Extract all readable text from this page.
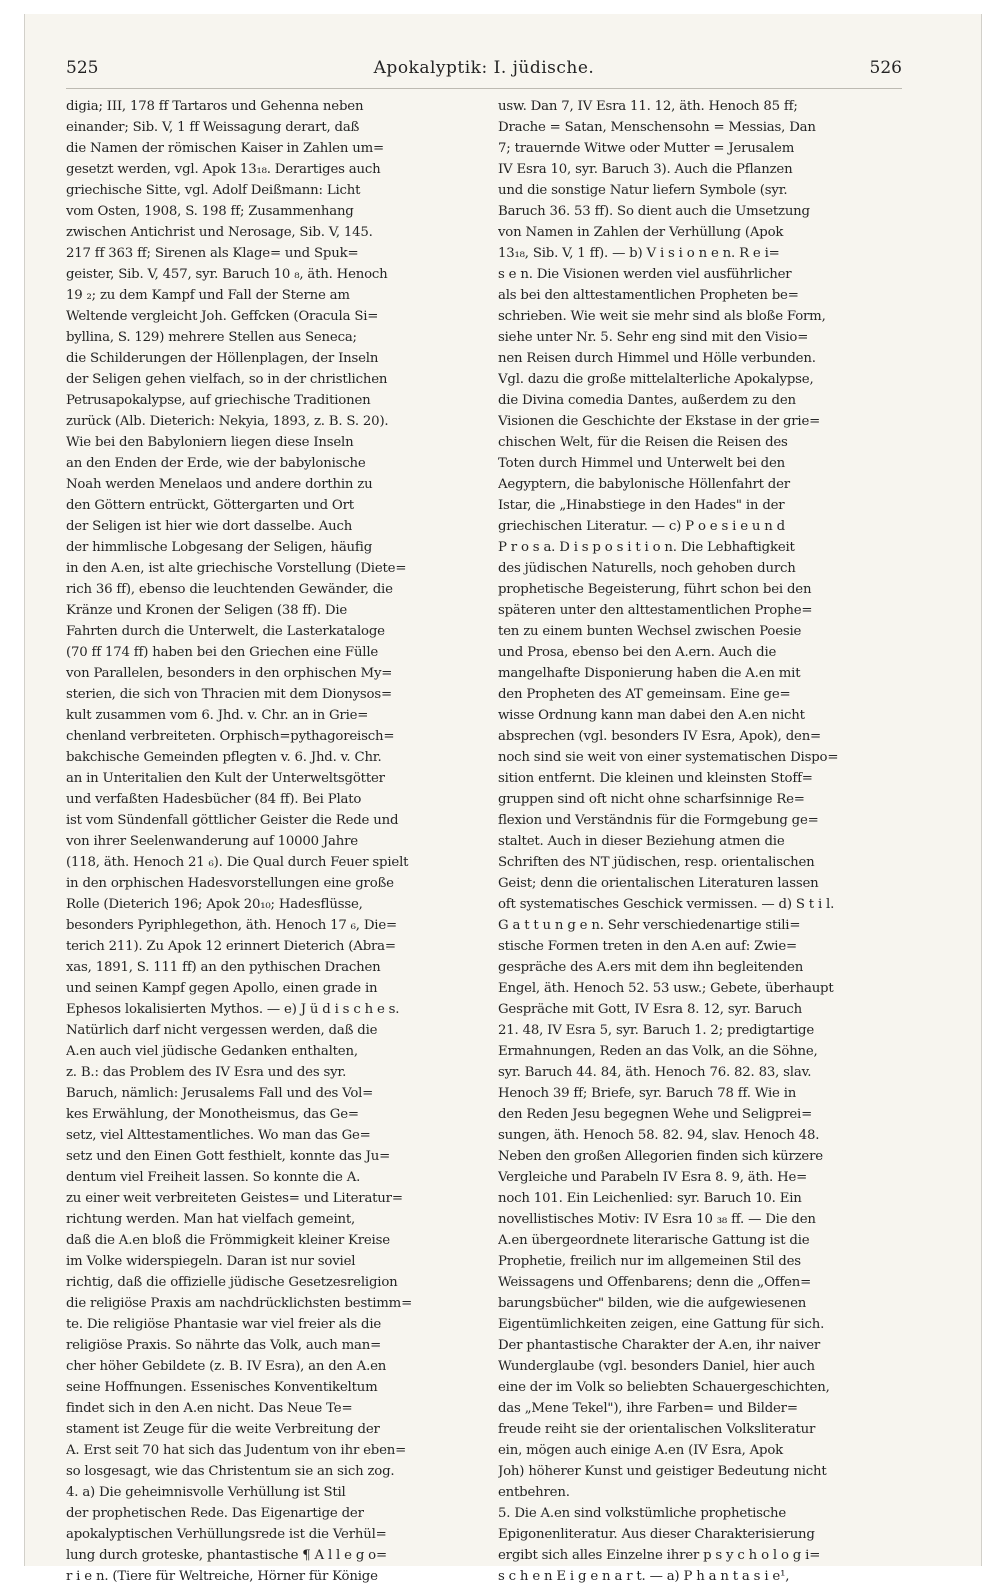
525	Apokalyptik: I. jüdische.	526
digia; III, 178 ff Tartaros und Gehenna neben
einander; Sib. V, 1 ff Weissagung derart, daß
die Namen der römischen Kaiser in Zahlen um=
gesetzt werden, vgl. Apok 13₁₈. Derartiges auch
griechische Sitte, vgl. Adolf Deißmann: Licht
vom Osten, 1908, S. 198 ff; Zusammenhang
zwischen Antichrist und Nerosage, Sib. V, 145.
217 ff 363 ff; Sirenen als Klage= und Spuk=
geister, Sib. V, 457, syr. Baruch 10 ₈, äth. Henoch
19 ₂; zu dem Kampf und Fall der Sterne am
Weltende vergleicht Joh. Geffcken (Oracula Si=
byllina, S. 129) mehrere Stellen aus Seneca;
die Schilderungen der Höllenplagen, der Inseln
der Seligen gehen vielfach, so in der christlichen
Petrusapokalypse, auf griechische Traditionen
zurück (Alb. Dieterich: Nekyia, 1893, z. B. S. 20).
Wie bei den Babyloniern liegen diese Inseln
an den Enden der Erde, wie der babylonische
Noah werden Menelaos und andere dorthin zu
den Göttern entrückt, Göttergarten und Ort
der Seligen ist hier wie dort dasselbe. Auch
der himmlische Lobgesang der Seligen, häufig
in den A.en, ist alte griechische Vorstellung (Diete=
rich 36 ff), ebenso die leuchtenden Gewänder, die
Kränze und Kronen der Seligen (38 ff). Die
Fahrten durch die Unterwelt, die Lasterkataloge
(70 ff 174 ff) haben bei den Griechen eine Fülle
von Parallelen, besonders in den orphischen My=
sterien, die sich von Thracien mit dem Dionysos=
kult zusammen vom 6. Jhd. v. Chr. an in Grie=
chenland verbreiteten. Orphisch=pythagoreisch=
bakchische Gemeinden pflegten v. 6. Jhd. v. Chr.
an in Unteritalien den Kult der Unterweltsgötter
und verfaßten Hadesbücher (84 ff). Bei Plato
ist vom Sündenfall göttlicher Geister die Rede und
von ihrer Seelenwanderung auf 10000 Jahre
(118, äth. Henoch 21 ₆). Die Qual durch Feuer spielt
in den orphischen Hadesvorstellungen eine große
Rolle (Dieterich 196; Apok 20₁₀; Hadesflüsse,
besonders Pyriphlegethon, äth. Henoch 17 ₆, Die=
terich 211). Zu Apok 12 erinnert Dieterich (Abra=
xas, 1891, S. 111 ff) an den pythischen Drachen
und seinen Kampf gegen Apollo, einen grade in
Ephesos lokalisierten Mythos. — e) J ü d i s c h e s.
Natürlich darf nicht vergessen werden, daß die
A.en auch viel jüdische Gedanken enthalten,
z. B.: das Problem des IV Esra und des syr.
Baruch, nämlich: Jerusalems Fall und des Vol=
kes Erwählung, der Monotheismus, das Ge=
setz, viel Alttestamentliches. Wo man das Ge=
setz und den Einen Gott festhielt, konnte das Ju=
dentum viel Freiheit lassen. So konnte die A.
zu einer weit verbreiteten Geistes= und Literatur=
richtung werden. Man hat vielfach gemeint,
daß die A.en bloß die Frömmigkeit kleiner Kreise
im Volke widerspiegeln. Daran ist nur soviel
richtig, daß die offizielle jüdische Gesetzesreligion
die religiöse Praxis am nachdrücklichsten bestimm=
te. Die religiöse Phantasie war viel freier als die
religiöse Praxis. So nährte das Volk, auch man=
cher höher Gebildete (z. B. IV Esra), an den A.en
seine Hoffnungen. Essenisches Konventikeltum
findet sich in den A.en nicht. Das Neue Te=
stament ist Zeuge für die weite Verbreitung der
A. Erst seit 70 hat sich das Judentum von ihr eben=
so losgesagt, wie das Christentum sie an sich zog.
4. a) Die geheimnisvolle Verhüllung ist Stil
der prophetischen Rede. Das Eigenartige der
apokalyptischen Verhüllungsrede ist die Verhül=
lung durch groteske, phantastische ¶ A l l e g o=
r i e n. (Tiere für Weltreiche, Hörner für Könige
usw. Dan 7, IV Esra 11. 12, äth. Henoch 85 ff;
Drache = Satan, Menschensohn = Messias, Dan
7; trauernde Witwe oder Mutter = Jerusalem
IV Esra 10, syr. Baruch 3). Auch die Pflanzen
und die sonstige Natur liefern Symbole (syr.
Baruch 36. 53 ff). So dient auch die Umsetzung
von Namen in Zahlen der Verhüllung (Apok
13₁₈, Sib. V, 1 ff). — b) V i s i o n e n. R e i=
s e n. Die Visionen werden viel ausführlicher
als bei den alttestamentlichen Propheten be=
schrieben. Wie weit sie mehr sind als bloße Form,
siehe unter Nr. 5. Sehr eng sind mit den Visio=
nen Reisen durch Himmel und Hölle verbunden.
Vgl. dazu die große mittelalterliche Apokalypse,
die Divina comedia Dantes, außerdem zu den
Visionen die Geschichte der Ekstase in der grie=
chischen Welt, für die Reisen die Reisen des
Toten durch Himmel und Unterwelt bei den
Aegyptern, die babylonische Höllenfahrt der
Istar, die „Hinabstiege in den Hades" in der
griechischen Literatur. — c) P o e s i e u n d
P r o s a. D i s p o s i t i o n. Die Lebhaftigkeit
des jüdischen Naturells, noch gehoben durch
prophetische Begeisterung, führt schon bei den
späteren unter den alttestamentlichen Prophe=
ten zu einem bunten Wechsel zwischen Poesie
und Prosa, ebenso bei den A.ern. Auch die
mangelhafte Disponierung haben die A.en mit
den Propheten des AT gemeinsam. Eine ge=
wisse Ordnung kann man dabei den A.en nicht
absprechen (vgl. besonders IV Esra, Apok), den=
noch sind sie weit von einer systematischen Dispo=
sition entfernt. Die kleinen und kleinsten Stoff=
gruppen sind oft nicht ohne scharfsinnige Re=
flexion und Verständnis für die Formgebung ge=
staltet. Auch in dieser Beziehung atmen die
Schriften des NT jüdischen, resp. orientalischen
Geist; denn die orientalischen Literaturen lassen
oft systematisches Geschick vermissen. — d) S t i l.
G a t t u n g e n. Sehr verschiedenartige stili=
stische Formen treten in den A.en auf: Zwie=
gespräche des A.ers mit dem ihn begleitenden
Engel, äth. Henoch 52. 53 usw.; Gebete, überhaupt
Gespräche mit Gott, IV Esra 8. 12, syr. Baruch
21. 48, IV Esra 5, syr. Baruch 1. 2; predigtartige
Ermahnungen, Reden an das Volk, an die Söhne,
syr. Baruch 44. 84, äth. Henoch 76. 82. 83, slav.
Henoch 39 ff; Briefe, syr. Baruch 78 ff. Wie in
den Reden Jesu begegnen Wehe und Seligprei=
sungen, äth. Henoch 58. 82. 94, slav. Henoch 48.
Neben den großen Allegorien finden sich kürzere
Vergleiche und Parabeln IV Esra 8. 9, äth. He=
noch 101. Ein Leichenlied: syr. Baruch 10. Ein
novellistisches Motiv: IV Esra 10 ₃₈ ff. — Die den
A.en übergeordnete literarische Gattung ist die
Prophetie, freilich nur im allgemeinen Stil des
Weissagens und Offenbarens; denn die „Offen=
barungsbücher" bilden, wie die aufgewiesenen
Eigentümlichkeiten zeigen, eine Gattung für sich.
Der phantastische Charakter der A.en, ihr naiver
Wunderglaube (vgl. besonders Daniel, hier auch
eine der im Volk so beliebten Schauergeschichten,
das „Mene Tekel"), ihre Farben= und Bilder=
freude reiht sie der orientalischen Volksliteratur
ein, mögen auch einige A.en (IV Esra, Apok
Joh) höherer Kunst und geistiger Bedeutung nicht
entbehren.
5. Die A.en sind volkstümliche prophetische
Epigonenliteratur. Aus dieser Charakterisierung
ergibt sich alles Einzelne ihrer p s y c h o l o g i=
s c h e n E i g e n a r t. — a) P h a n t a s i e¹,
